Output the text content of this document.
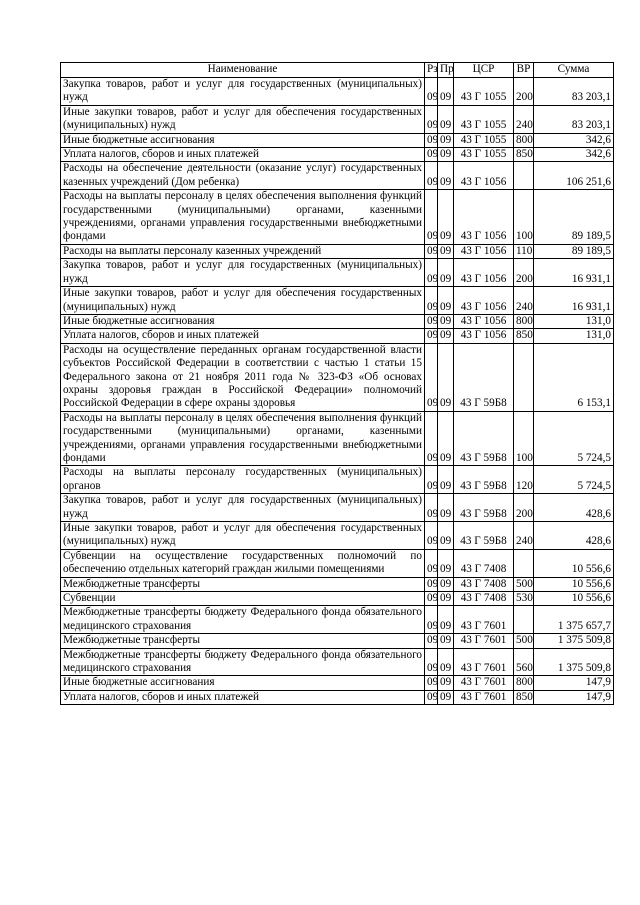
Наименование	Рз	Пр	ЦСР	ВР	Сумма
Закупка товаров, работ и услуг для государственных (муниципальных) нужд	09	09	43 Г 1055	200	83 203,1
Иные закупки товаров, работ и услуг для обеспечения государственных (муниципальных) нужд	09	09	43 Г 1055	240	83 203,1
Иные бюджетные ассигнования	09	09	43 Г 1055	800	342,6
Уплата налогов, сборов и иных платежей	09	09	43 Г 1055	850	342,6
Расходы на обеспечение деятельности (оказание услуг) государственных казенных учреждений (Дом ребенка)	09	09	43 Г 1056		106 251,6
Расходы на выплаты персоналу в целях обеспечения выполнения функций государственными (муниципальными) органами, казенными учреждениями, органами управления государственными внебюджетными фондами	09	09	43 Г 1056	100	89 189,5
Расходы на выплаты персоналу казенных учреждений	09	09	43 Г 1056	110	89 189,5
Закупка товаров, работ и услуг для государственных (муниципальных) нужд	09	09	43 Г 1056	200	16 931,1
Иные закупки товаров, работ и услуг для обеспечения государственных (муниципальных) нужд	09	09	43 Г 1056	240	16 931,1
Иные бюджетные ассигнования	09	09	43 Г 1056	800	131,0
Уплата налогов, сборов и иных платежей	09	09	43 Г 1056	850	131,0
Расходы на осуществление переданных органам государственной власти субъектов Российской Федерации в соответствии с частью 1 статьи 15 Федерального закона от 21 ноября 2011 года № 323-ФЗ «Об основах охраны здоровья граждан в Российской Федерации» полномочий Российской Федерации в сфере охраны здоровья	09	09	43 Г 59Б8		6 153,1
Расходы на выплаты персоналу в целях обеспечения выполнения функций государственными (муниципальными) органами, казенными учреждениями, органами управления государственными внебюджетными фондами	09	09	43 Г 59Б8	100	5 724,5
Расходы на выплаты персоналу государственных (муниципальных) органов	09	09	43 Г 59Б8	120	5 724,5
Закупка товаров, работ и услуг для государственных (муниципальных) нужд	09	09	43 Г 59Б8	200	428,6
Иные закупки товаров, работ и услуг для обеспечения государственных (муниципальных) нужд	09	09	43 Г 59Б8	240	428,6
Субвенции на осуществление государственных полномочий по обеспечению отдельных категорий граждан жилыми помещениями	09	09	43 Г 7408		10 556,6
Межбюджетные трансферты	09	09	43 Г 7408	500	10 556,6
Субвенции	09	09	43 Г 7408	530	10 556,6
Межбюджетные трансферты бюджету Федерального фонда обязательного медицинского страхования	09	09	43 Г 7601		1 375 657,7
Межбюджетные трансферты	09	09	43 Г 7601	500	1 375 509,8
Межбюджетные трансферты бюджету Федерального фонда обязательного медицинского страхования	09	09	43 Г 7601	560	1 375 509,8
Иные бюджетные ассигнования	09	09	43 Г 7601	800	147,9
Уплата налогов, сборов и иных платежей	09	09	43 Г 7601	850	147,9
